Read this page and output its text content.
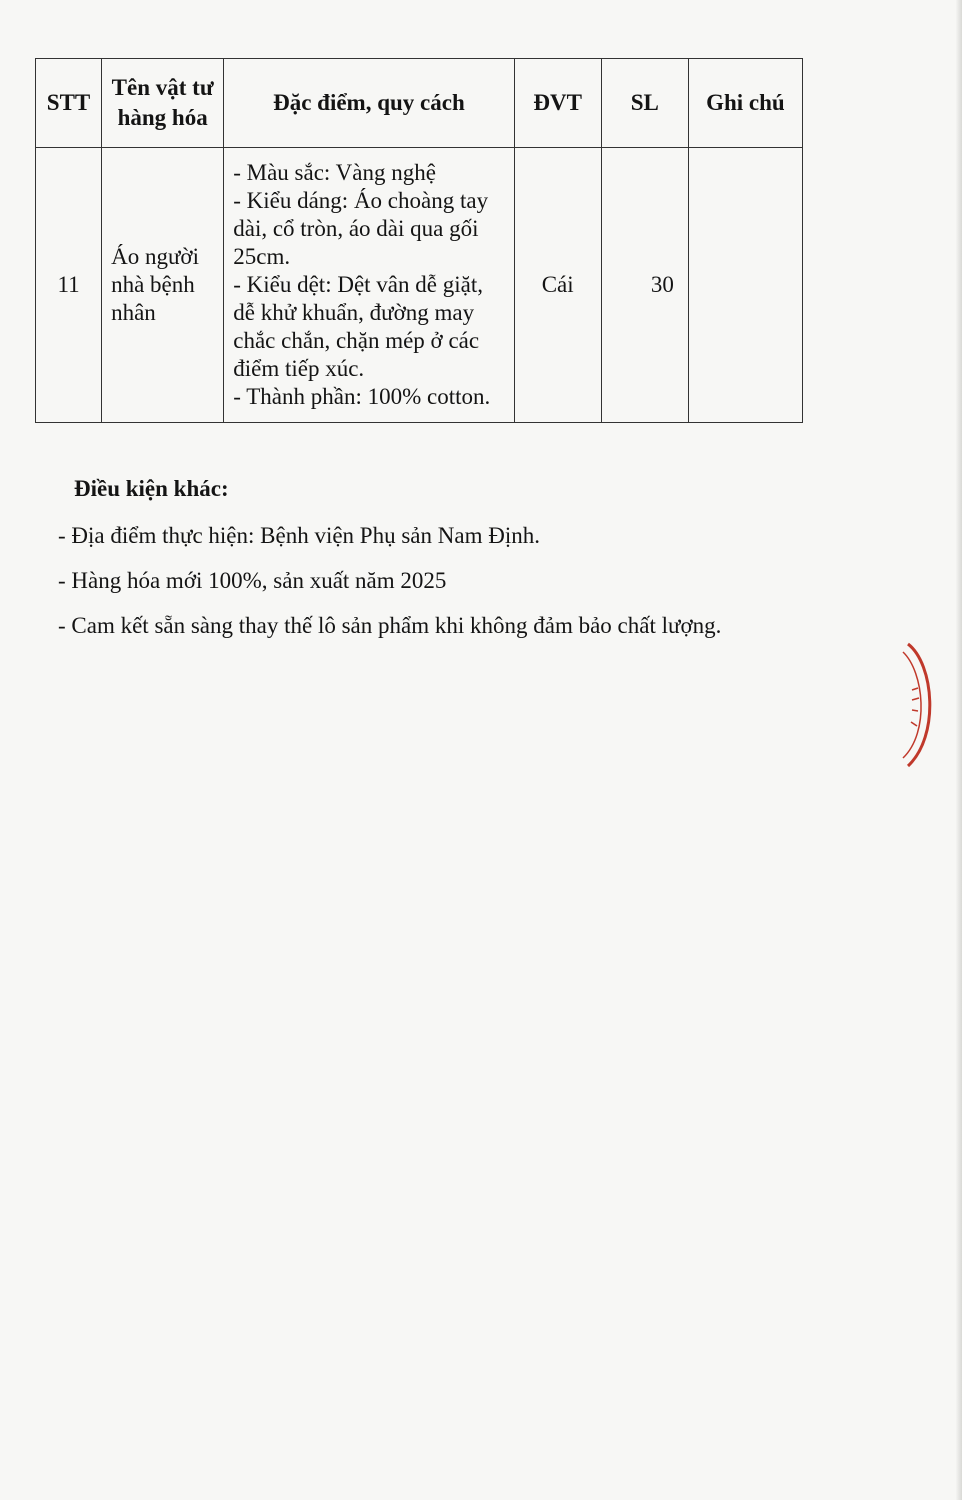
STT	Tên vật tư hàng hóa	Đặc điểm, quy cách	ĐVT	SL	Ghi chú
11	Áo người nhà bệnh nhân	- Màu sắc: Vàng nghệ
- Kiểu dáng: Áo choàng tay dài, cổ tròn, áo dài qua gối 25cm.
- Kiểu dệt: Dệt vân dễ giặt, dễ khử khuẩn, đường may chắc chắn, chặn mép ở các điểm tiếp xúc.
- Thành phần: 100% cotton.	Cái	30	
Điều kiện khác:
- Địa điểm thực hiện: Bệnh viện Phụ sản Nam Định.
- Hàng hóa mới 100%, sản xuất năm 2025
- Cam kết sẵn sàng thay thế lô sản phẩm khi không đảm bảo chất lượng.
